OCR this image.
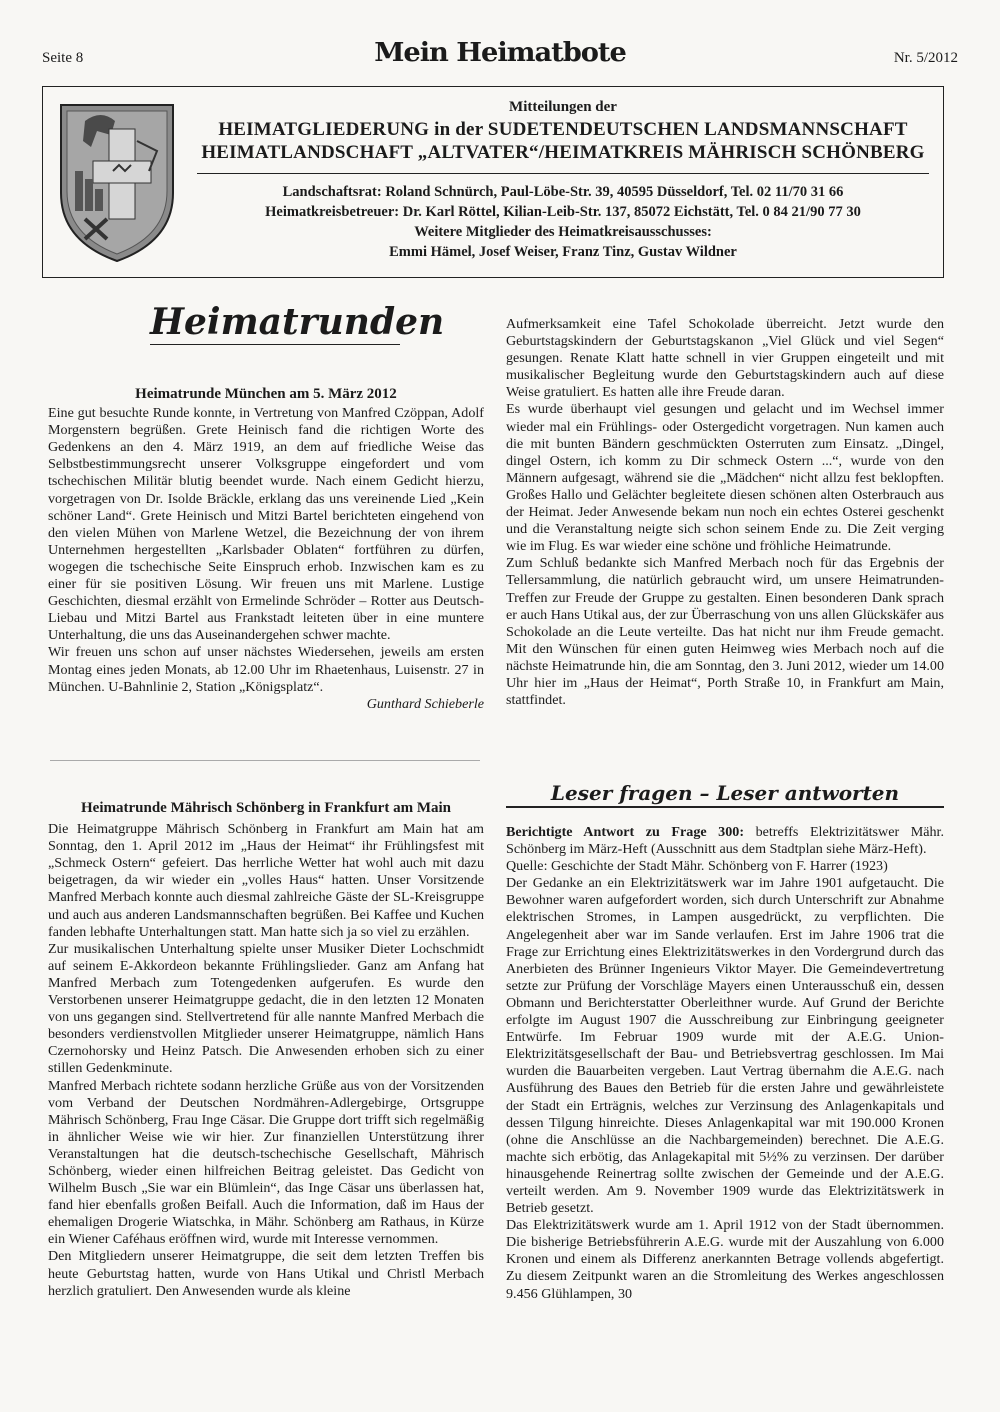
Seite 8	Mein Heimatbote	Nr. 5/2012
Mitteilungen der
HEIMATGLIEDERUNG in der SUDETENDEUTSCHEN LANDSMANNSCHAFT
HEIMATLANDSCHAFT „ALTVATER“/HEIMATKREIS MÄHRISCH SCHÖNBERG
Landschaftsrat: Roland Schnürch, Paul-Löbe-Str. 39, 40595 Düsseldorf, Tel. 02 11/70 31 66
Heimatkreisbetreuer: Dr. Karl Röttel, Kilian-Leib-Str. 137, 85072 Eichstätt, Tel. 0 84 21/90 77 30
Weitere Mitglieder des Heimatkreisausschusses:
Emmi Hämel, Josef Weiser, Franz Tinz, Gustav Wildner
Heimatrunden
Heimatrunde München am 5. März 2012

Eine gut besuchte Runde konnte, in Vertretung von Manfred Czöppan, Adolf Morgenstern begrüßen. Grete Heinisch fand die richtigen Worte des Gedenkens an den 4. März 1919, an dem auf friedliche Weise das Selbstbestimmungsrecht unserer Volksgruppe eingefordert und vom tschechischen Militär blutig beendet wurde. Nach einem Gedicht hierzu, vorgetragen von Dr. Isolde Bräckle, erklang das uns vereinende Lied „Kein schöner Land“. Grete Heinisch und Mitzi Bartel berichteten eingehend von den vielen Mühen von Marlene Wetzel, die Bezeichnung der von ihrem Unternehmen hergestellten „Karlsbader Oblaten“ fortführen zu dürfen, wogegen die tschechische Seite Einspruch erhob. Inzwischen kam es zu einer für sie positiven Lösung. Wir freuen uns mit Marlene. Lustige Geschichten, diesmal erzählt von Ermelinde Schröder – Rotter aus Deutsch-Liebau und Mitzi Bartel aus Frankstadt leiteten über in eine muntere Unterhaltung, die uns das Auseinandergehen schwer machte.

Wir freuen uns schon auf unser nächstes Wiedersehen, jeweils am ersten Montag eines jeden Monats, ab 12.00 Uhr im Rhaetenhaus, Luisenstr. 27 in München. U-Bahnlinie 2, Station „Königsplatz“.

Gunthard Schieberle

Heimatrunde Mährisch Schönberg in Frankfurt am Main

Die Heimatgruppe Mährisch Schönberg in Frankfurt am Main hat am Sonntag, den 1. April 2012 im „Haus der Heimat“ ihr Frühlingsfest mit „Schmeck Ostern“ gefeiert. Das herrliche Wetter hat wohl auch mit dazu beigetragen, da wir wieder ein „volles Haus“ hatten. Unser Vorsitzende Manfred Merbach konnte auch diesmal zahlreiche Gäste der SL-Kreisgruppe und auch aus anderen Landsmannschaften begrüßen. Bei Kaffee und Kuchen fanden lebhafte Unterhaltungen statt. Man hatte sich ja so viel zu erzählen.

Zur musikalischen Unterhaltung spielte unser Musiker Dieter Lochschmidt auf seinem E-Akkordeon bekannte Frühlingslieder. Ganz am Anfang hat Manfred Merbach zum Totengedenken aufgerufen. Es wurde den Verstorbenen unserer Heimatgruppe gedacht, die in den letzten 12 Monaten von uns gegangen sind. Stellvertretend für alle nannte Manfred Merbach die besonders verdienstvollen Mitglieder unserer Heimatgruppe, nämlich Hans Czernohorsky und Heinz Patsch. Die Anwesenden erhoben sich zu einer stillen Gedenkminute.

Manfred Merbach richtete sodann herzliche Grüße aus von der Vorsitzenden vom Verband der Deutschen Nordmähren-Adlergebirge, Ortsgruppe Mährisch Schönberg, Frau Inge Cäsar. Die Gruppe dort trifft sich regelmäßig in ähnlicher Weise wie wir hier. Zur finanziellen Unterstützung ihrer Veranstaltungen hat die deutsch-tschechische Gesellschaft, Mährisch Schönberg, wieder einen hilfreichen Beitrag geleistet. Das Gedicht von Wilhelm Busch „Sie war ein Blümlein“, das Inge Cäsar uns überlassen hat, fand hier ebenfalls großen Beifall. Auch die Information, daß im Haus der ehemaligen Drogerie Wiatschka, in Mähr. Schönberg am Rathaus, in Kürze ein Wiener Caféhaus eröffnen wird, wurde mit Interesse vernommen.

Den Mitgliedern unserer Heimatgruppe, die seit dem letzten Treffen bis heute Geburtstag hatten, wurde von Hans Utikal und Christl Merbach herzlich gratuliert. Den Anwesenden wurde als kleine

Aufmerksamkeit eine Tafel Schokolade überreicht. Jetzt wurde den Geburtstagskindern der Geburtstagskanon „Viel Glück und viel Segen“ gesungen. Renate Klatt hatte schnell in vier Gruppen eingeteilt und mit musikalischer Begleitung wurde den Geburtstagskindern auch auf diese Weise gratuliert. Es hatten alle ihre Freude daran.

Es wurde überhaupt viel gesungen und gelacht und im Wechsel immer wieder mal ein Frühlings- oder Ostergedicht vorgetragen. Nun kamen auch die mit bunten Bändern geschmückten Osterruten zum Einsatz. „Dingel, dingel Ostern, ich komm zu Dir schmeck Ostern ...“, wurde von den Männern aufgesagt, während sie die „Mädchen“ nicht allzu fest beklopften. Großes Hallo und Gelächter begleitete diesen schönen alten Osterbrauch aus der Heimat. Jeder Anwesende bekam nun noch ein echtes Osterei geschenkt und die Veranstaltung neigte sich schon seinem Ende zu. Die Zeit verging wie im Flug. Es war wieder eine schöne und fröhliche Heimatrunde.

Zum Schluß bedankte sich Manfred Merbach noch für das Ergebnis der Tellersammlung, die natürlich gebraucht wird, um unsere Heimatrunden-Treffen zur Freude der Gruppe zu gestalten. Einen besonderen Dank sprach er auch Hans Utikal aus, der zur Überraschung von uns allen Glückskäfer aus Schokolade an die Leute verteilte. Das hat nicht nur ihm Freude gemacht. Mit den Wünschen für einen guten Heimweg wies Merbach noch auf die nächste Heimatrunde hin, die am Sonntag, den 3. Juni 2012, wieder um 14.00 Uhr hier im „Haus der Heimat“, Porth Straße 10, in Frankfurt am Main, stattfindet.

Leser fragen – Leser antworten

Berichtigte Antwort zu Frage 300: betreffs Elektrizitätswer Mähr. Schönberg im März-Heft (Ausschnitt aus dem Stadtplan siehe März-Heft).

Quelle: Geschichte der Stadt Mähr. Schönberg von F. Harrer (1923)

Der Gedanke an ein Elektrizitätswerk war im Jahre 1901 aufgetaucht. Die Bewohner waren aufgefordert worden, sich durch Unterschrift zur Abnahme elektrischen Stromes, in Lampen ausgedrückt, zu verpflichten. Die Angelegenheit aber war im Sande verlaufen. Erst im Jahre 1906 trat die Frage zur Errichtung eines Elektrizitätswerkes in den Vordergrund durch das Anerbieten des Brünner Ingenieurs Viktor Mayer. Die Gemeindevertretung setzte zur Prüfung der Vorschläge Mayers einen Unterausschuß ein, dessen Obmann und Berichterstatter Oberleithner wurde. Auf Grund der Berichte erfolgte im August 1907 die Ausschreibung zur Einbringung geeigneter Entwürfe. Im Februar 1909 wurde mit der A.E.G. Union-Elektrizitätsgesellschaft der Bau- und Betriebsvertrag geschlossen. Im Mai wurden die Bauarbeiten vergeben. Laut Vertrag übernahm die A.E.G. nach Ausführung des Baues den Betrieb für die ersten Jahre und gewährleistete der Stadt ein Erträgnis, welches zur Verzinsung des Anlagenkapitals und dessen Tilgung hinreichte. Dieses Anlagenkapital war mit 190.000 Kronen (ohne die Anschlüsse an die Nachbargemeinden) berechnet. Die A.E.G. machte sich erbötig, das Anlagekapital mit 5½% zu verzinsen. Der darüber hinausgehende Reinertrag sollte zwischen der Gemeinde und der A.E.G. verteilt werden. Am 9. November 1909 wurde das Elektrizitätswerk in Betrieb gesetzt.

Das Elektrizitätswerk wurde am 1. April 1912 von der Stadt übernommen. Die bisherige Betriebsführerin A.E.G. wurde mit der Auszahlung von 6.000 Kronen und einem als Differenz anerkannten Betrage vollends abgefertigt. Zu diesem Zeitpunkt waren an die Stromleitung des Werkes angeschlossen 9.456 Glühlampen, 30
